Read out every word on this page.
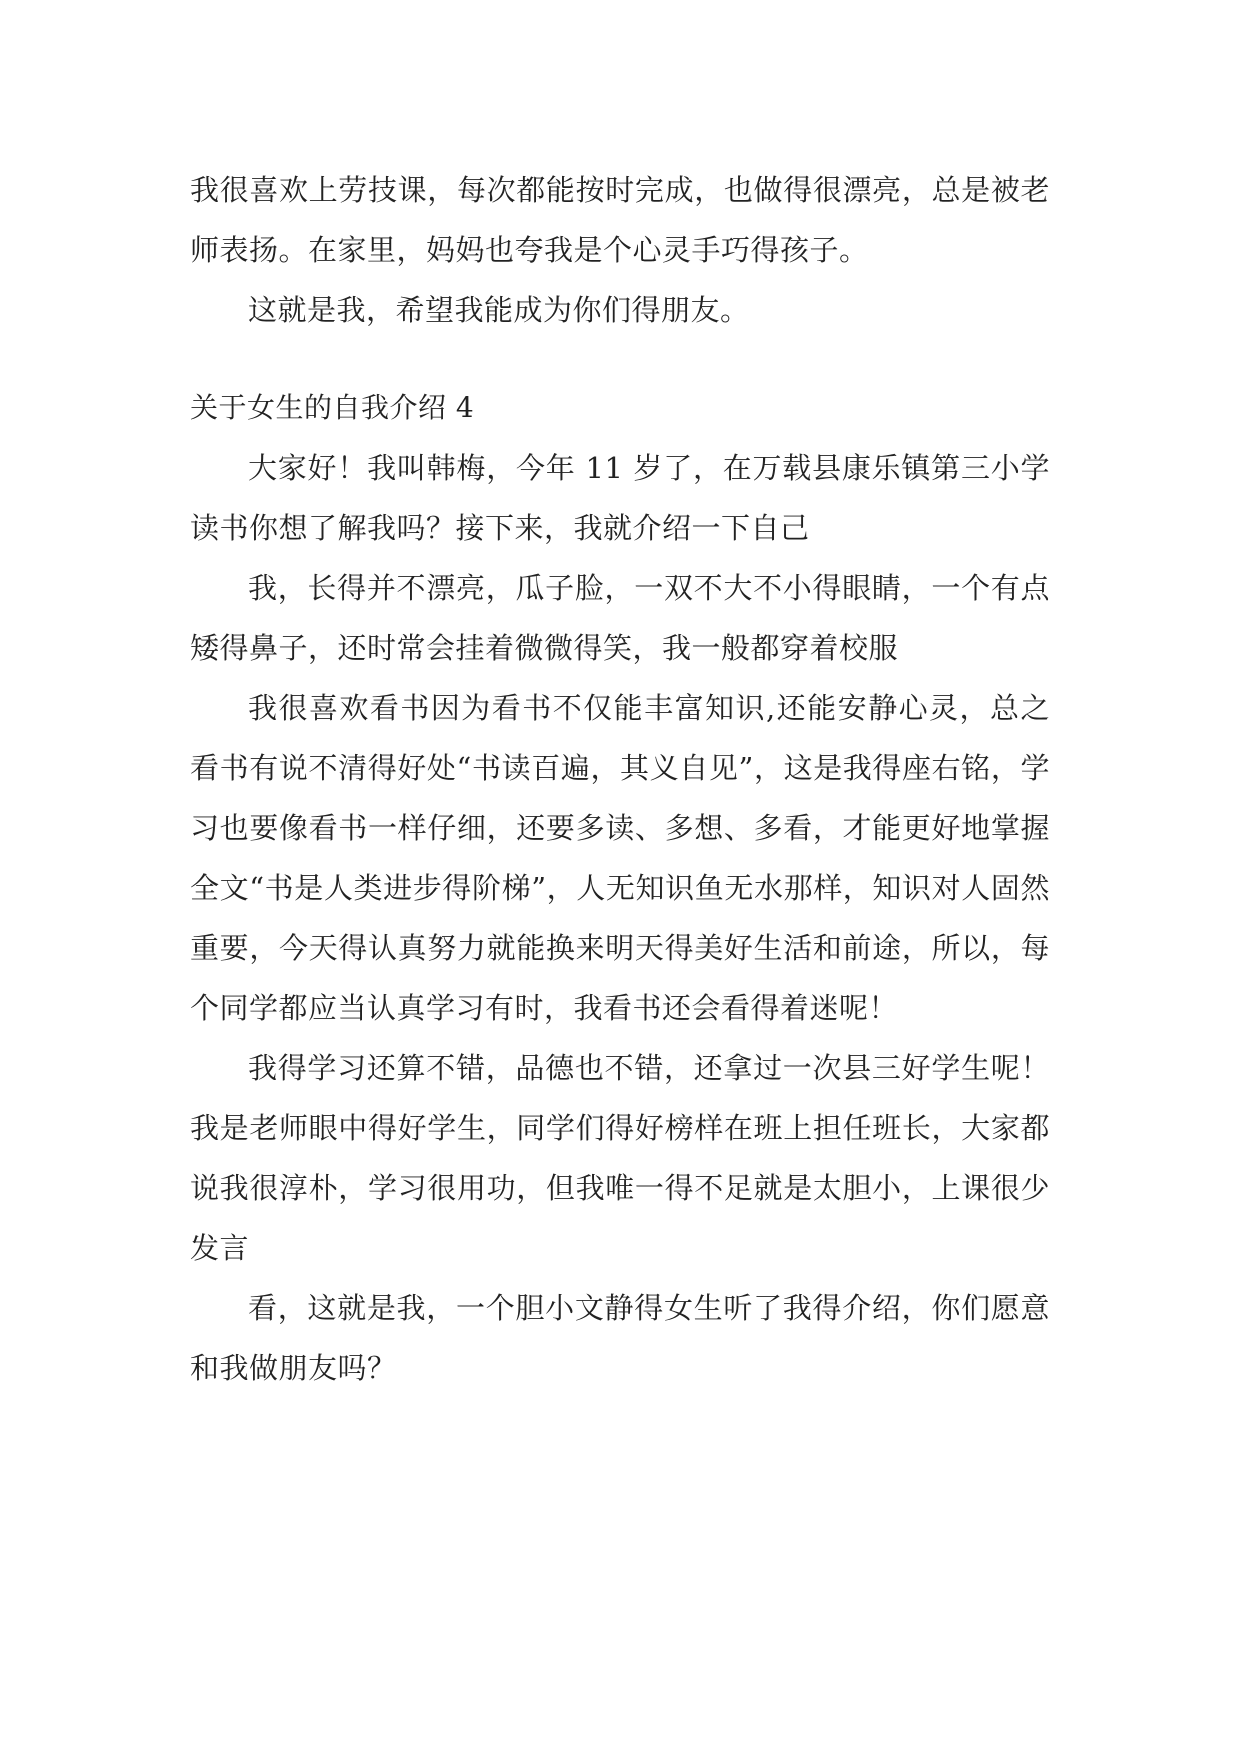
我很喜欢上劳技课，每次都能按时完成，也做得很漂亮，总是被老师表扬。在家里，妈妈也夸我是个心灵手巧得孩子。

这就是我，希望我能成为你们得朋友。

关于女生的自我介绍 4

大家好！我叫韩梅，今年 11 岁了，在万载县康乐镇第三小学读书你想了解我吗？接下来，我就介绍一下自己

我，长得并不漂亮，瓜子脸，一双不大不小得眼睛，一个有点矮得鼻子，还时常会挂着微微得笑，我一般都穿着校服

我很喜欢看书因为看书不仅能丰富知识,还能安静心灵，总之看书有说不清得好处“书读百遍，其义自见”，这是我得座右铭，学习也要像看书一样仔细，还要多读、多想、多看，才能更好地掌握全文“书是人类进步得阶梯”，人无知识鱼无水那样，知识对人固然重要，今天得认真努力就能换来明天得美好生活和前途，所以，每个同学都应当认真学习有时，我看书还会看得着迷呢！

我得学习还算不错，品德也不错，还拿过一次县三好学生呢！我是老师眼中得好学生，同学们得好榜样在班上担任班长，大家都说我很淳朴，学习很用功，但我唯一得不足就是太胆小，上课很少发言

看，这就是我，一个胆小文静得女生听了我得介绍，你们愿意和我做朋友吗？
